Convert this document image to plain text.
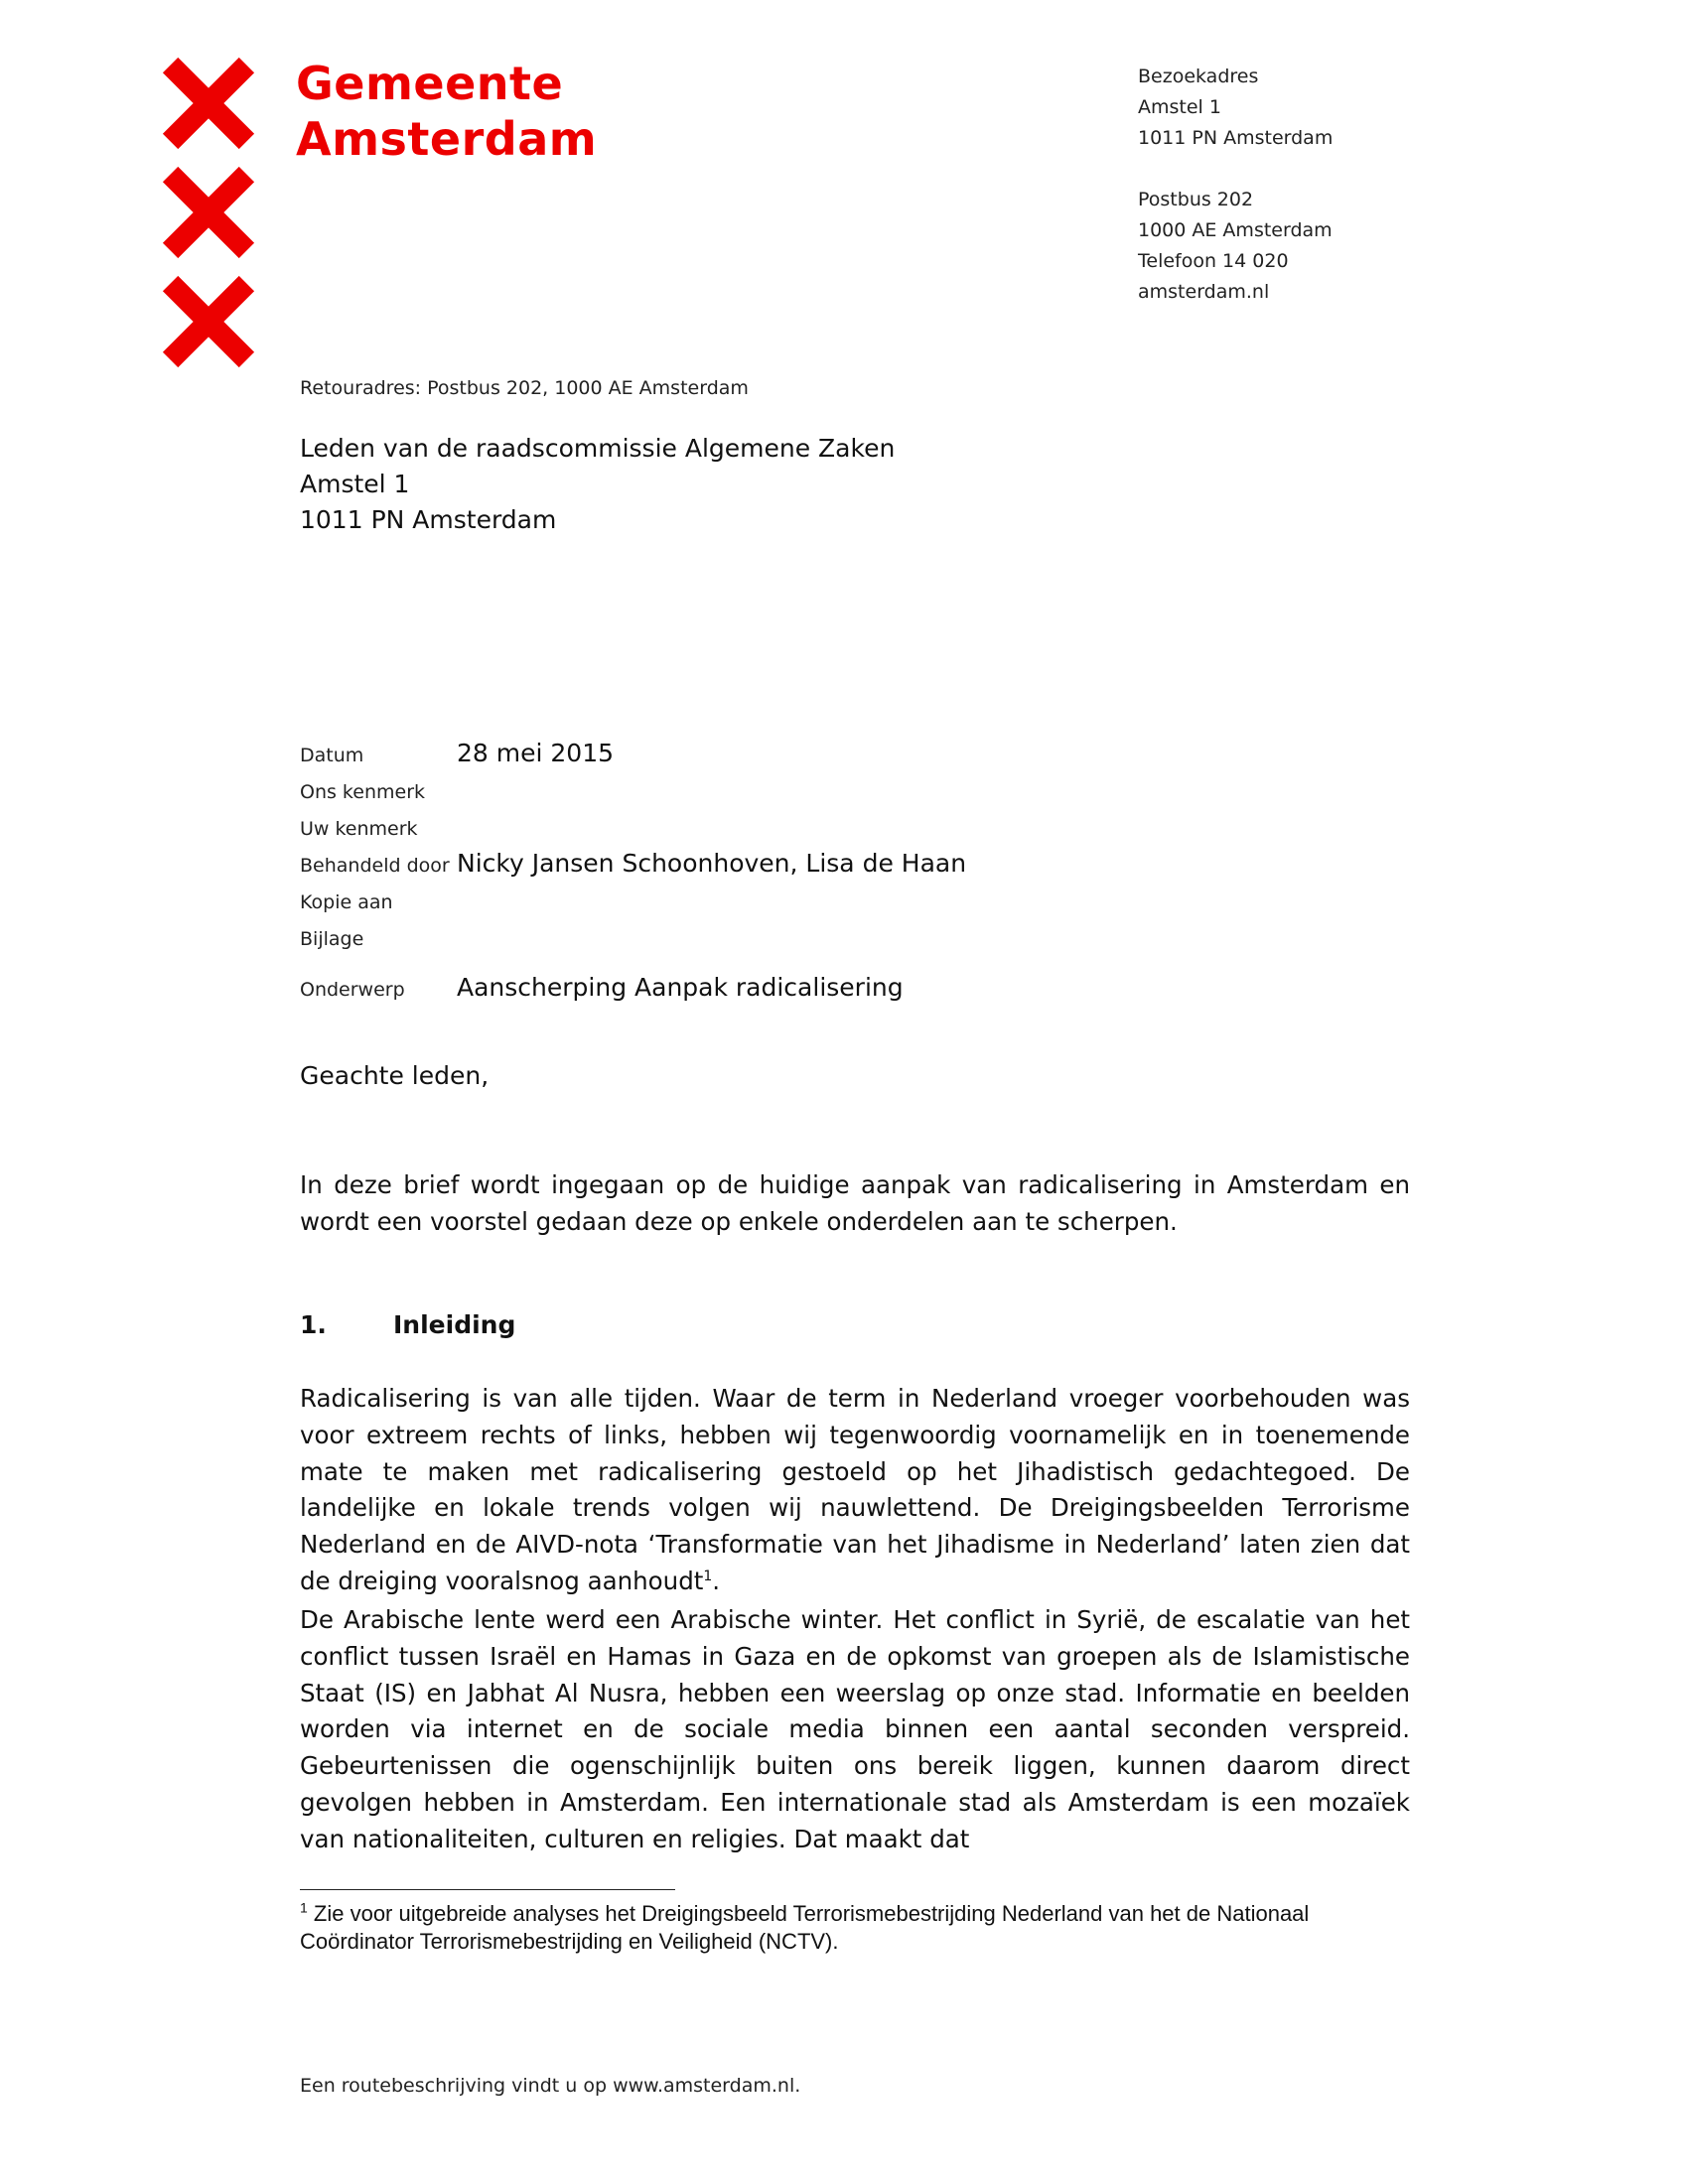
Gemeente
Amsterdam
Bezoekadres
Amstel 1
1011 PN Amsterdam
Postbus 202
1000 AE Amsterdam
Telefoon 14 020
amsterdam.nl
Retouradres: Postbus 202, 1000 AE Amsterdam
Leden van de raadscommissie Algemene Zaken
Amstel 1
1011 PN Amsterdam
Datum	28 mei 2015
Ons kenmerk
Uw kenmerk
Behandeld door Nicky Jansen Schoonhoven, Lisa de Haan
Kopie aan
Bijlage
Onderwerp Aanscherping Aanpak radicalisering
Geachte leden,
In deze brief wordt ingegaan op de huidige aanpak van radicalisering in Amsterdam en wordt een voorstel gedaan deze op enkele onderdelen aan te scherpen.
1.	Inleiding
Radicalisering is van alle tijden. Waar de term in Nederland vroeger voorbehouden was voor extreem rechts of links, hebben wij tegenwoordig voornamelijk en in toenemende mate te maken met radicalisering gestoeld op het Jihadistisch gedachtegoed. De landelijke en lokale trends volgen wij nauwlettend. De Dreigingsbeelden Terrorisme Nederland en de AIVD-nota ‘Transformatie van het Jihadisme in Nederland’ laten zien dat de dreiging vooralsnog aanhoudt$^1$.
De Arabische lente werd een Arabische winter. Het conflict in Syrië, de escalatie van het conflict tussen Israël en Hamas in Gaza en de opkomst van groepen als de Islamistische Staat (IS) en Jabhat Al Nusra, hebben een weerslag op onze stad. Informatie en beelden worden via internet en de sociale media binnen een aantal seconden verspreid. Gebeurtenissen die ogenschijnlijk buiten ons bereik liggen, kunnen daarom direct gevolgen hebben in Amsterdam. Een internationale stad als Amsterdam is een mozaïek van nationaliteiten, culturen en religies. Dat maakt dat
$^1$ Zie voor uitgebreide analyses het Dreigingsbeeld Terrorismebestrijding Nederland van het de Nationaal Coördinator Terrorismebestrijding en Veiligheid (NCTV).
Een routebeschrijving vindt u op www.amsterdam.nl.
